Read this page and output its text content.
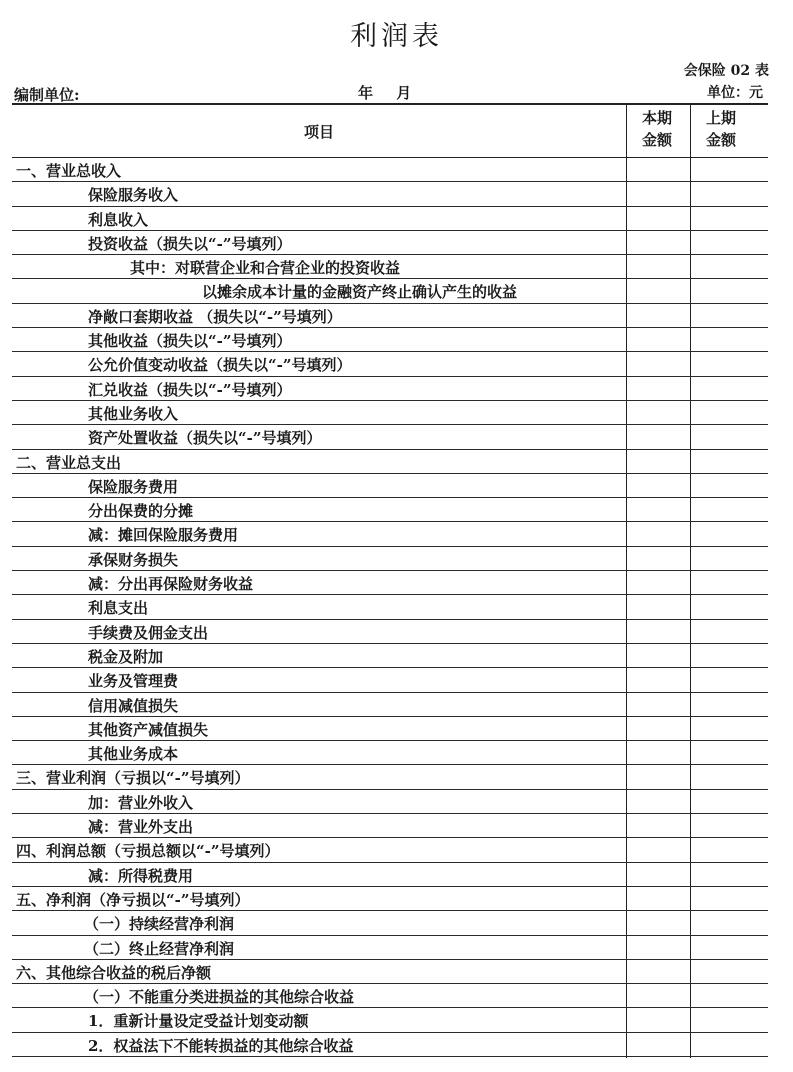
利润表
会保险 02 表
编制单位:	年 月	单位：元
项目
本期
金额
上期
金额
一、营业总收入
保险服务收入
利息收入
投资收益（损失以“-”号填列）
其中：对联营企业和合营企业的投资收益
以摊余成本计量的金融资产终止确认产生的收益
净敞口套期收益 （损失以“-”号填列）
其他收益（损失以“-”号填列）
公允价值变动收益（损失以“-”号填列）
汇兑收益（损失以“-”号填列）
其他业务收入
资产处置收益（损失以“-”号填列）
二、营业总支出
保险服务费用
分出保费的分摊
减：摊回保险服务费用
承保财务损失
减：分出再保险财务收益
利息支出
手续费及佣金支出
税金及附加
业务及管理费
信用减值损失
其他资产减值损失
其他业务成本
三、营业利润（亏损以“-”号填列）
加：营业外收入
减：营业外支出
四、利润总额（亏损总额以“-”号填列）
减：所得税费用
五、净利润（净亏损以“-”号填列）
（一）持续经营净利润
（二）终止经营净利润
六、其他综合收益的税后净额
（一）不能重分类进损益的其他综合收益
1．重新计量设定受益计划变动额
2．权益法下不能转损益的其他综合收益
